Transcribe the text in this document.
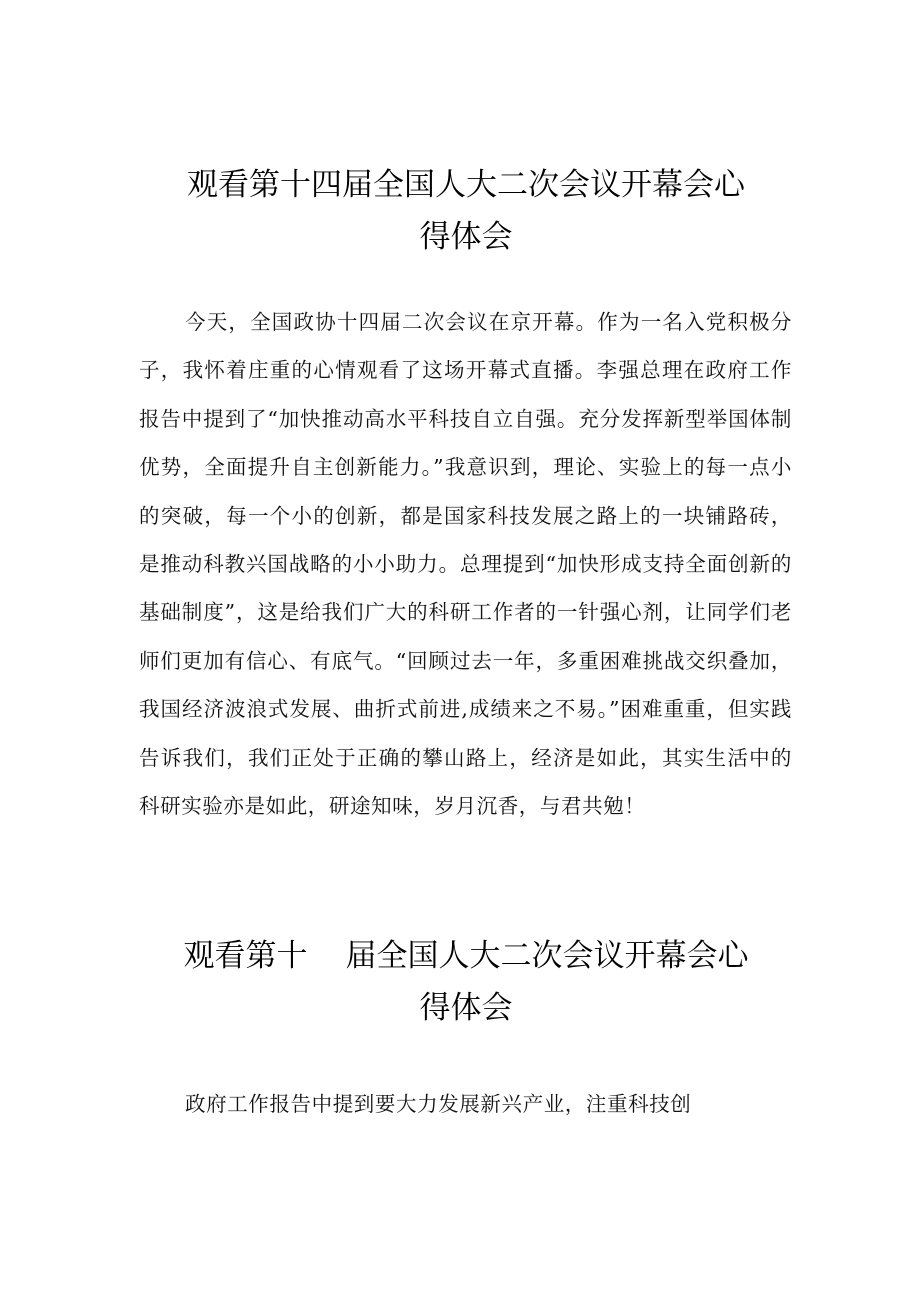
观看第十四届全国人大二次会议开幕会心
得体会

今天，全国政协十四届二次会议在京开幕。作为一名入党积极分子，我怀着庄重的心情观看了这场开幕式直播。李强总理在政府工作报告中提到了“加快推动高水平科技自立自强。充分发挥新型举国体制优势，全面提升自主创新能力。”我意识到，理论、实验上的每一点小的突破，每一个小的创新，都是国家科技发展之路上的一块铺路砖，是推动科教兴国战略的小小助力。总理提到“加快形成支持全面创新的基础制度”，这是给我们广大的科研工作者的一针强心剂，让同学们老师们更加有信心、有底气。“回顾过去一年，多重困难挑战交织叠加，我国经济波浪式发展、曲折式前进,成绩来之不易。”困难重重，但实践告诉我们，我们正处于正确的攀山路上，经济是如此，其实生活中的科研实验亦是如此，研途知味，岁月沉香，与君共勉！

观看第十 届全国人大二次会议开幕会心
得体会

政府工作报告中提到要大力发展新兴产业，注重科技创
